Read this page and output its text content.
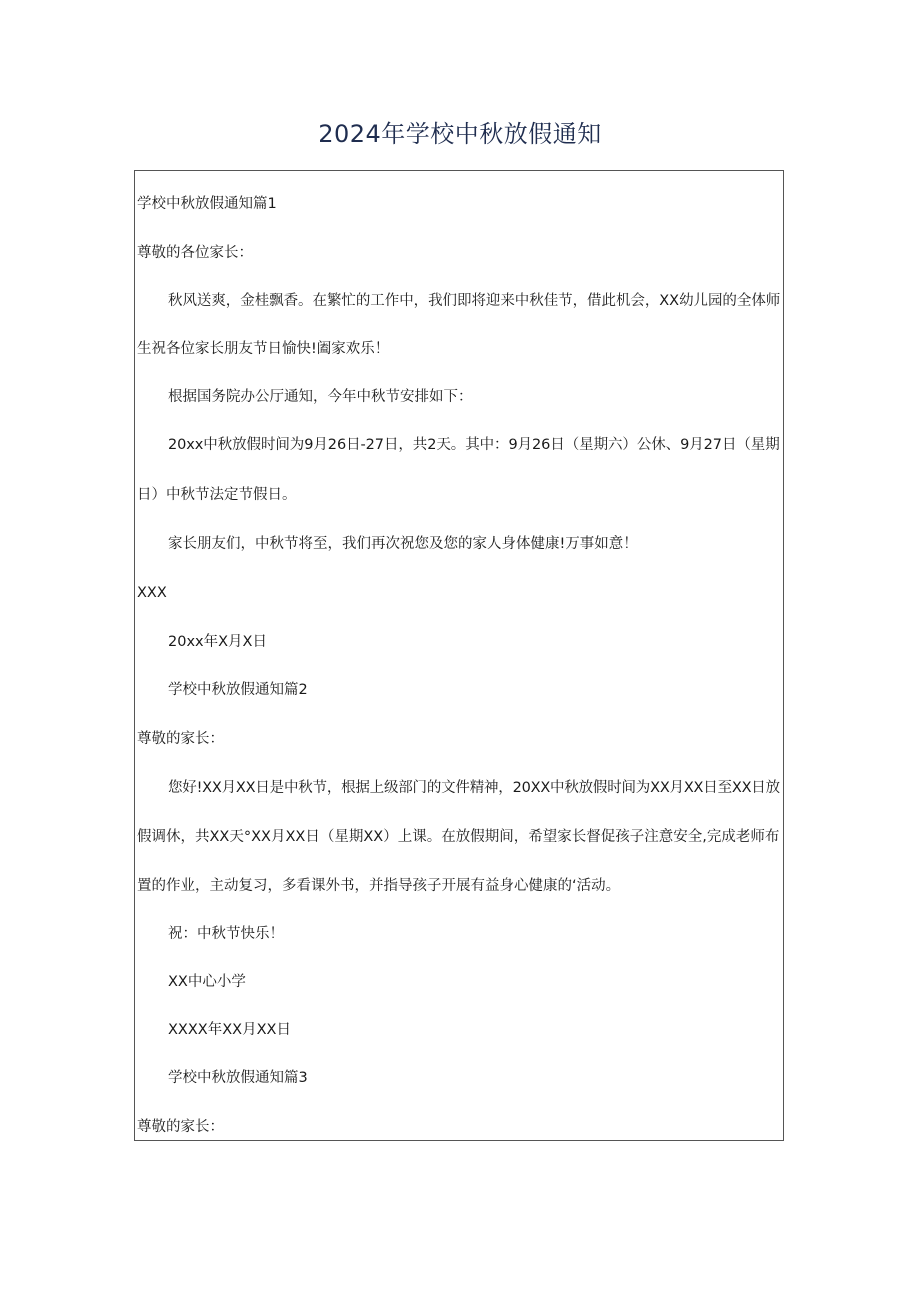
2024年学校中秋放假通知
学校中秋放假通知篇1
尊敬的各位家长：
秋风送爽，金桂飘香。在繁忙的工作中，我们即将迎来中秋佳节，借此机会，XX幼儿园的全体师
生祝各位家长朋友节日愉快!阖家欢乐！
根据国务院办公厅通知，今年中秋节安排如下：
20xx中秋放假时间为9月26日-27日，共2天。其中：9月26日（星期六）公休、9月27日（星期
日）中秋节法定节假日。
家长朋友们，中秋节将至，我们再次祝您及您的家人身体健康!万事如意！
XXX
20xx年X月X日
学校中秋放假通知篇2
尊敬的家长：
您好!XX月XX日是中秋节，根据上级部门的文件精神，20XX中秋放假时间为XX月XX日至XX日放
假调休，共XX天°XX月XX日（星期XX）上课。在放假期间，希望家长督促孩子注意安全,完成老师布
置的作业，主动复习，多看课外书，并指导孩子开展有益身心健康的‘活动。
祝：中秋节快乐！
XX中心小学
XXXX年XX月XX日
学校中秋放假通知篇3
尊敬的家长：
